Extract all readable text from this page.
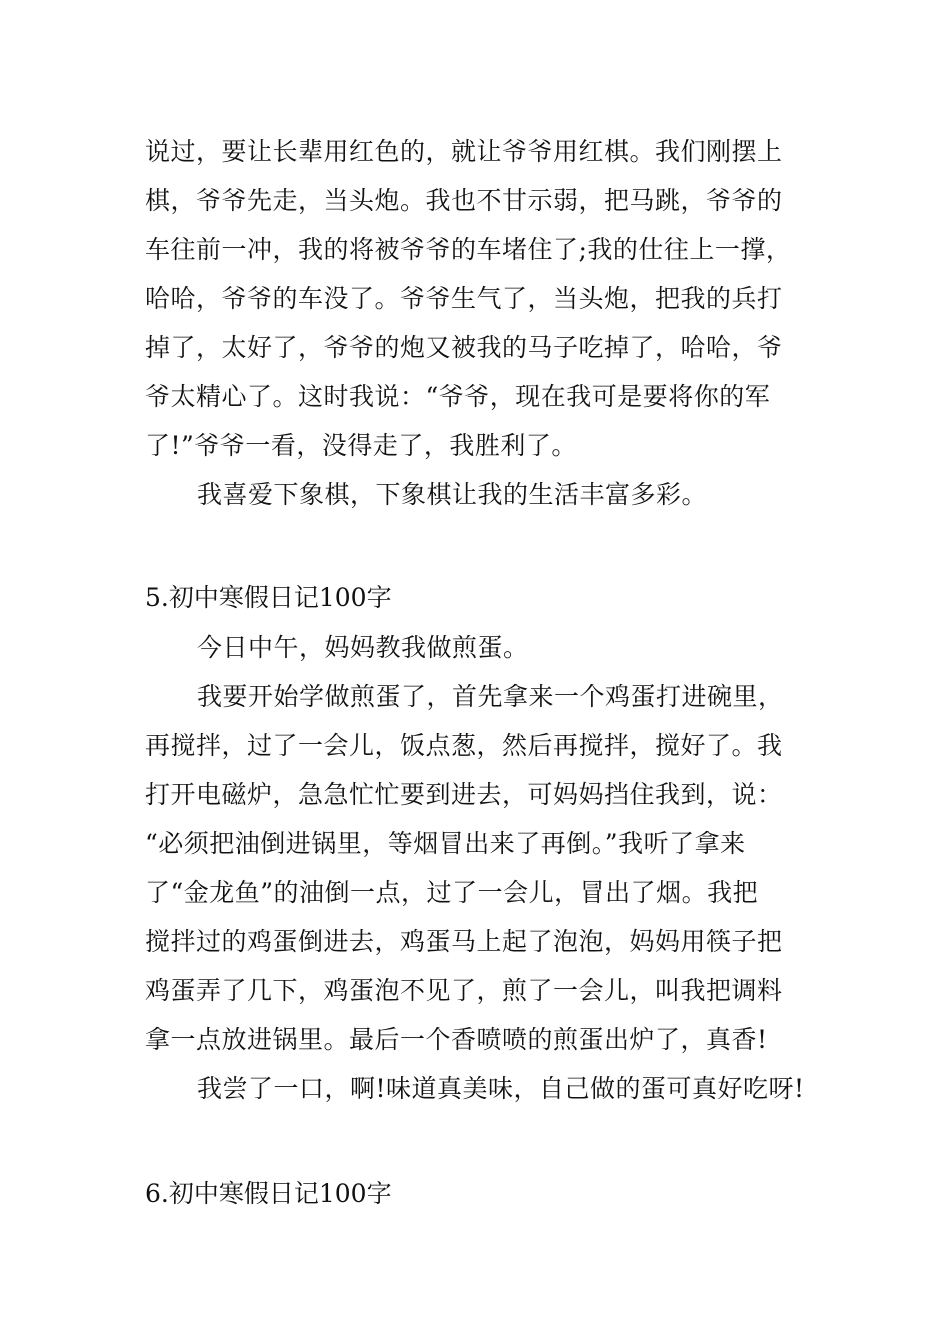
说过，要让长辈用红色的，就让爷爷用红棋。我们刚摆上
棋，爷爷先走，当头炮。我也不甘示弱，把马跳，爷爷的
车往前一冲，我的将被爷爷的车堵住了;我的仕往上一撑，
哈哈，爷爷的车没了。爷爷生气了，当头炮，把我的兵打
掉了，太好了，爷爷的炮又被我的马子吃掉了，哈哈，爷
爷太精心了。这时我说：“爷爷，现在我可是要将你的军
了!”爷爷一看，没得走了，我胜利了。
我喜爱下象棋，下象棋让我的生活丰富多彩。
5.初中寒假日记100字
今日中午，妈妈教我做煎蛋。
我要开始学做煎蛋了，首先拿来一个鸡蛋打进碗里，
再搅拌，过了一会儿，饭点葱，然后再搅拌，搅好了。我
打开电磁炉，急急忙忙要到进去，可妈妈挡住我到，说：
“必须把油倒进锅里，等烟冒出来了再倒。”我听了拿来
了“金龙鱼”的油倒一点，过了一会儿，冒出了烟。我把
搅拌过的鸡蛋倒进去，鸡蛋马上起了泡泡，妈妈用筷子把
鸡蛋弄了几下，鸡蛋泡不见了，煎了一会儿，叫我把调料
拿一点放进锅里。最后一个香喷喷的煎蛋出炉了，真香!
我尝了一口，啊!味道真美味，自己做的蛋可真好吃呀!
6.初中寒假日记100字
